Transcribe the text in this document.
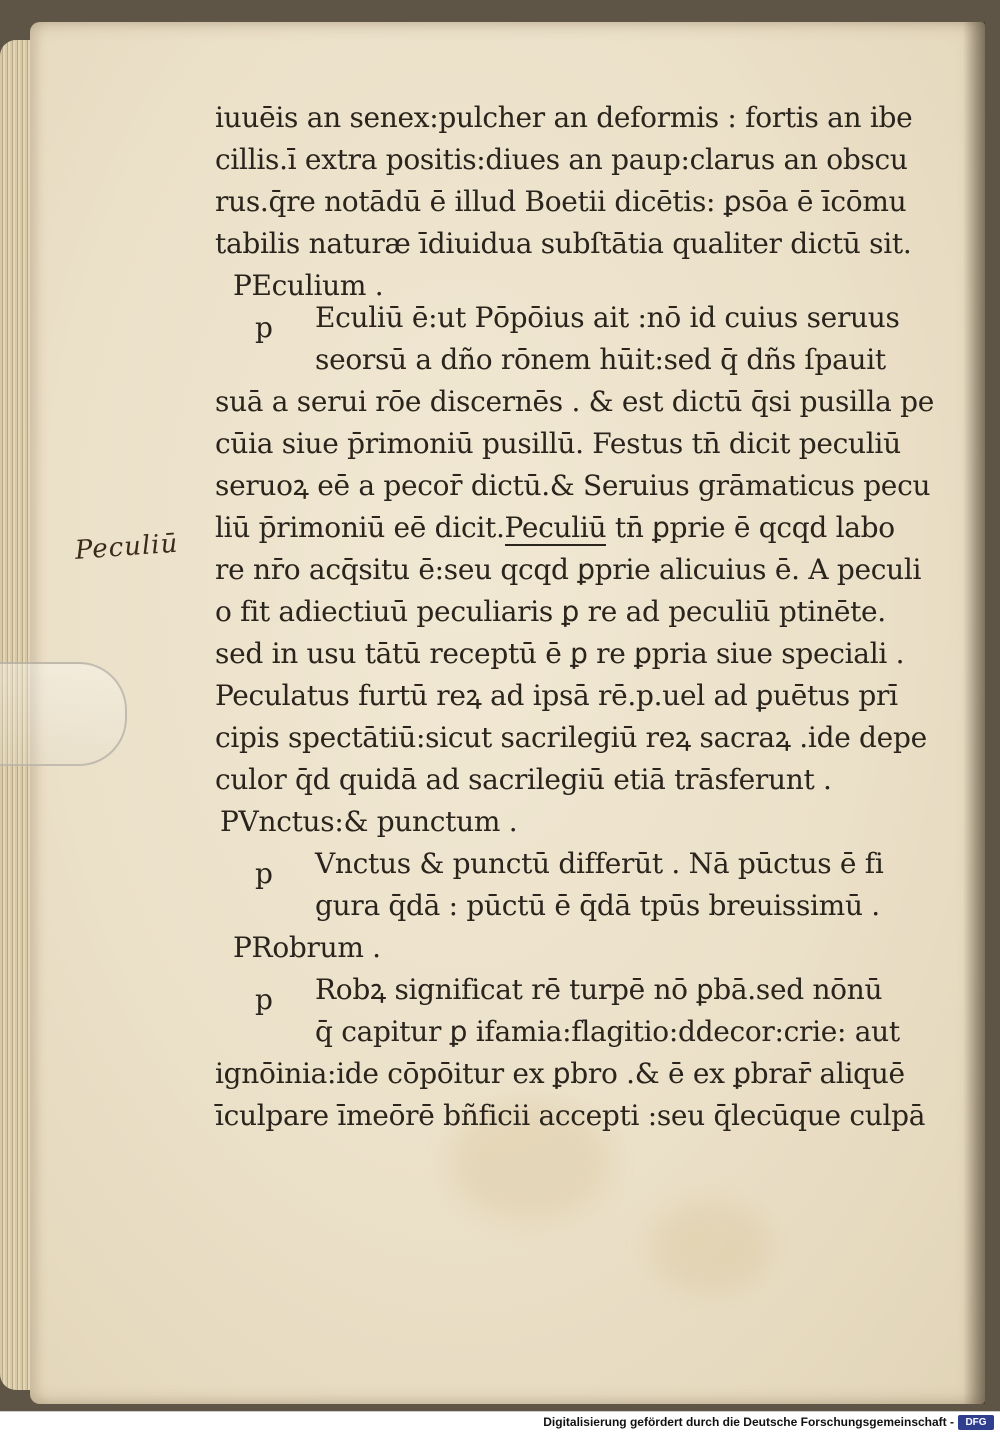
Peculiū
iuuēis an senex:pulcher an deformis : fortis an ibe
cillis.ī extra positis:diues an paup:clarus an obscu
rus.q̄re notādū ē illud Boetii dicētis: ꝑsōa ē īcōmu
tabilis naturæ īdiuidua subſtātia qualiter dictū sit.
PEculium .
p Eculiū ē:ut Pōpōius ait :nō id cuius seruus
seorsū a dño rōnem hūit:sed q̄ dñs ſpauit
suā a serui rōe discernēs . & est dictū q̄si pusilla pe
cūia siue p̄rimoniū pusillū. Festus tn̄ dicit peculiū
seruoꝝ eē a pecor̄ dictū.& Seruius grāmaticus pecu
liū p̄rimoniū eē dicit.Peculiū tn̄ ꝑprie ē qcqd labo
re nr̄o acq̄situ ē:seu qcqd ꝑprie alicuius ē. A peculi
o fit adiectiuū peculiaris ꝑ re ad peculiū ptinēte.
sed in usu tātū receptū ē ꝑ re ꝑpria siue speciali .
Peculatus furtū reꝝ ad ipsā rē.p.uel ad ꝑuētus prī
cipis spectātiū:sicut sacrilegiū reꝝ sacraꝝ .ide depe
culor q̄d quidā ad sacrilegiū etiā trāsferunt .
PVnctus:& punctum .
p Vnctus & punctū differūt . Nā pūctus ē fi
gura q̄dā : pūctū ē q̄dā tpūs breuissimū .
PRobrum .
p Robꝝ significat rē turpē nō ꝑbā.sed nōnū
q̄ capitur ꝑ ifamia:flagitio:ddecor:crie: aut
ignōinia:ide cōpōitur ex ꝑbro .& ē ex ꝑbrar̄ aliquē
īculpare īmeōrē bñficii accepti :seu q̄lecūque culpā
Digitalisierung gefördert durch die Deutsche Forschungsgemeinschaft -	DFG
